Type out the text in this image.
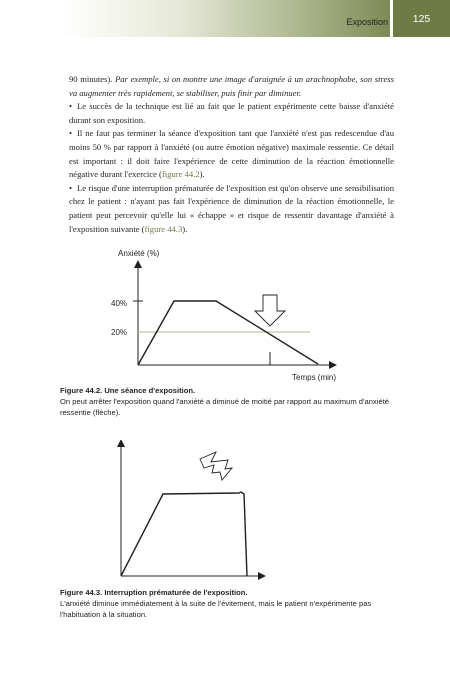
Exposition	125

90 minutes). Par exemple, si on montre une image d'araignée à un arachnophobe, son stress va augmenter très rapidement, se stabiliser, puis finir par diminuer.

• Le succès de la technique est lié au fait que le patient expérimente cette baisse d'anxiété durant son exposition.

• Il ne faut pas terminer la séance d'exposition tant que l'anxiété n'est pas redescendue d'au moins 50 % par rapport à l'anxiété (ou autre émotion négative) maximale ressentie. Ce détail est important : il doit faire l'expérience de cette diminution de la réaction émotionnelle négative durant l'exercice (figure 44.2).

• Le risque d'une interruption prématurée de l'exposition est qu'on observe une sensibilisation chez le patient : n'ayant pas fait l'expérience de diminution de la réaction émotionnelle, le patient peut percevoir qu'elle lui « échappe » et risque de ressentir davantage d'anxiété à l'exposition suivante (figure 44.3).

Anxiété (%)
Temps (min)
40%
20%
Figure 44.2. Une séance d'exposition.
On peut arrêter l'exposition quand l'anxiété a diminué de moitié par rapport au maximum d'anxiété ressentie (flèche).
Figure 44.3. Interruption prématurée de l'exposition.
L'anxiété diminue immédiatement à la suite de l'évitement, mais le patient n'expérimente pas l'habituation à la situation.
